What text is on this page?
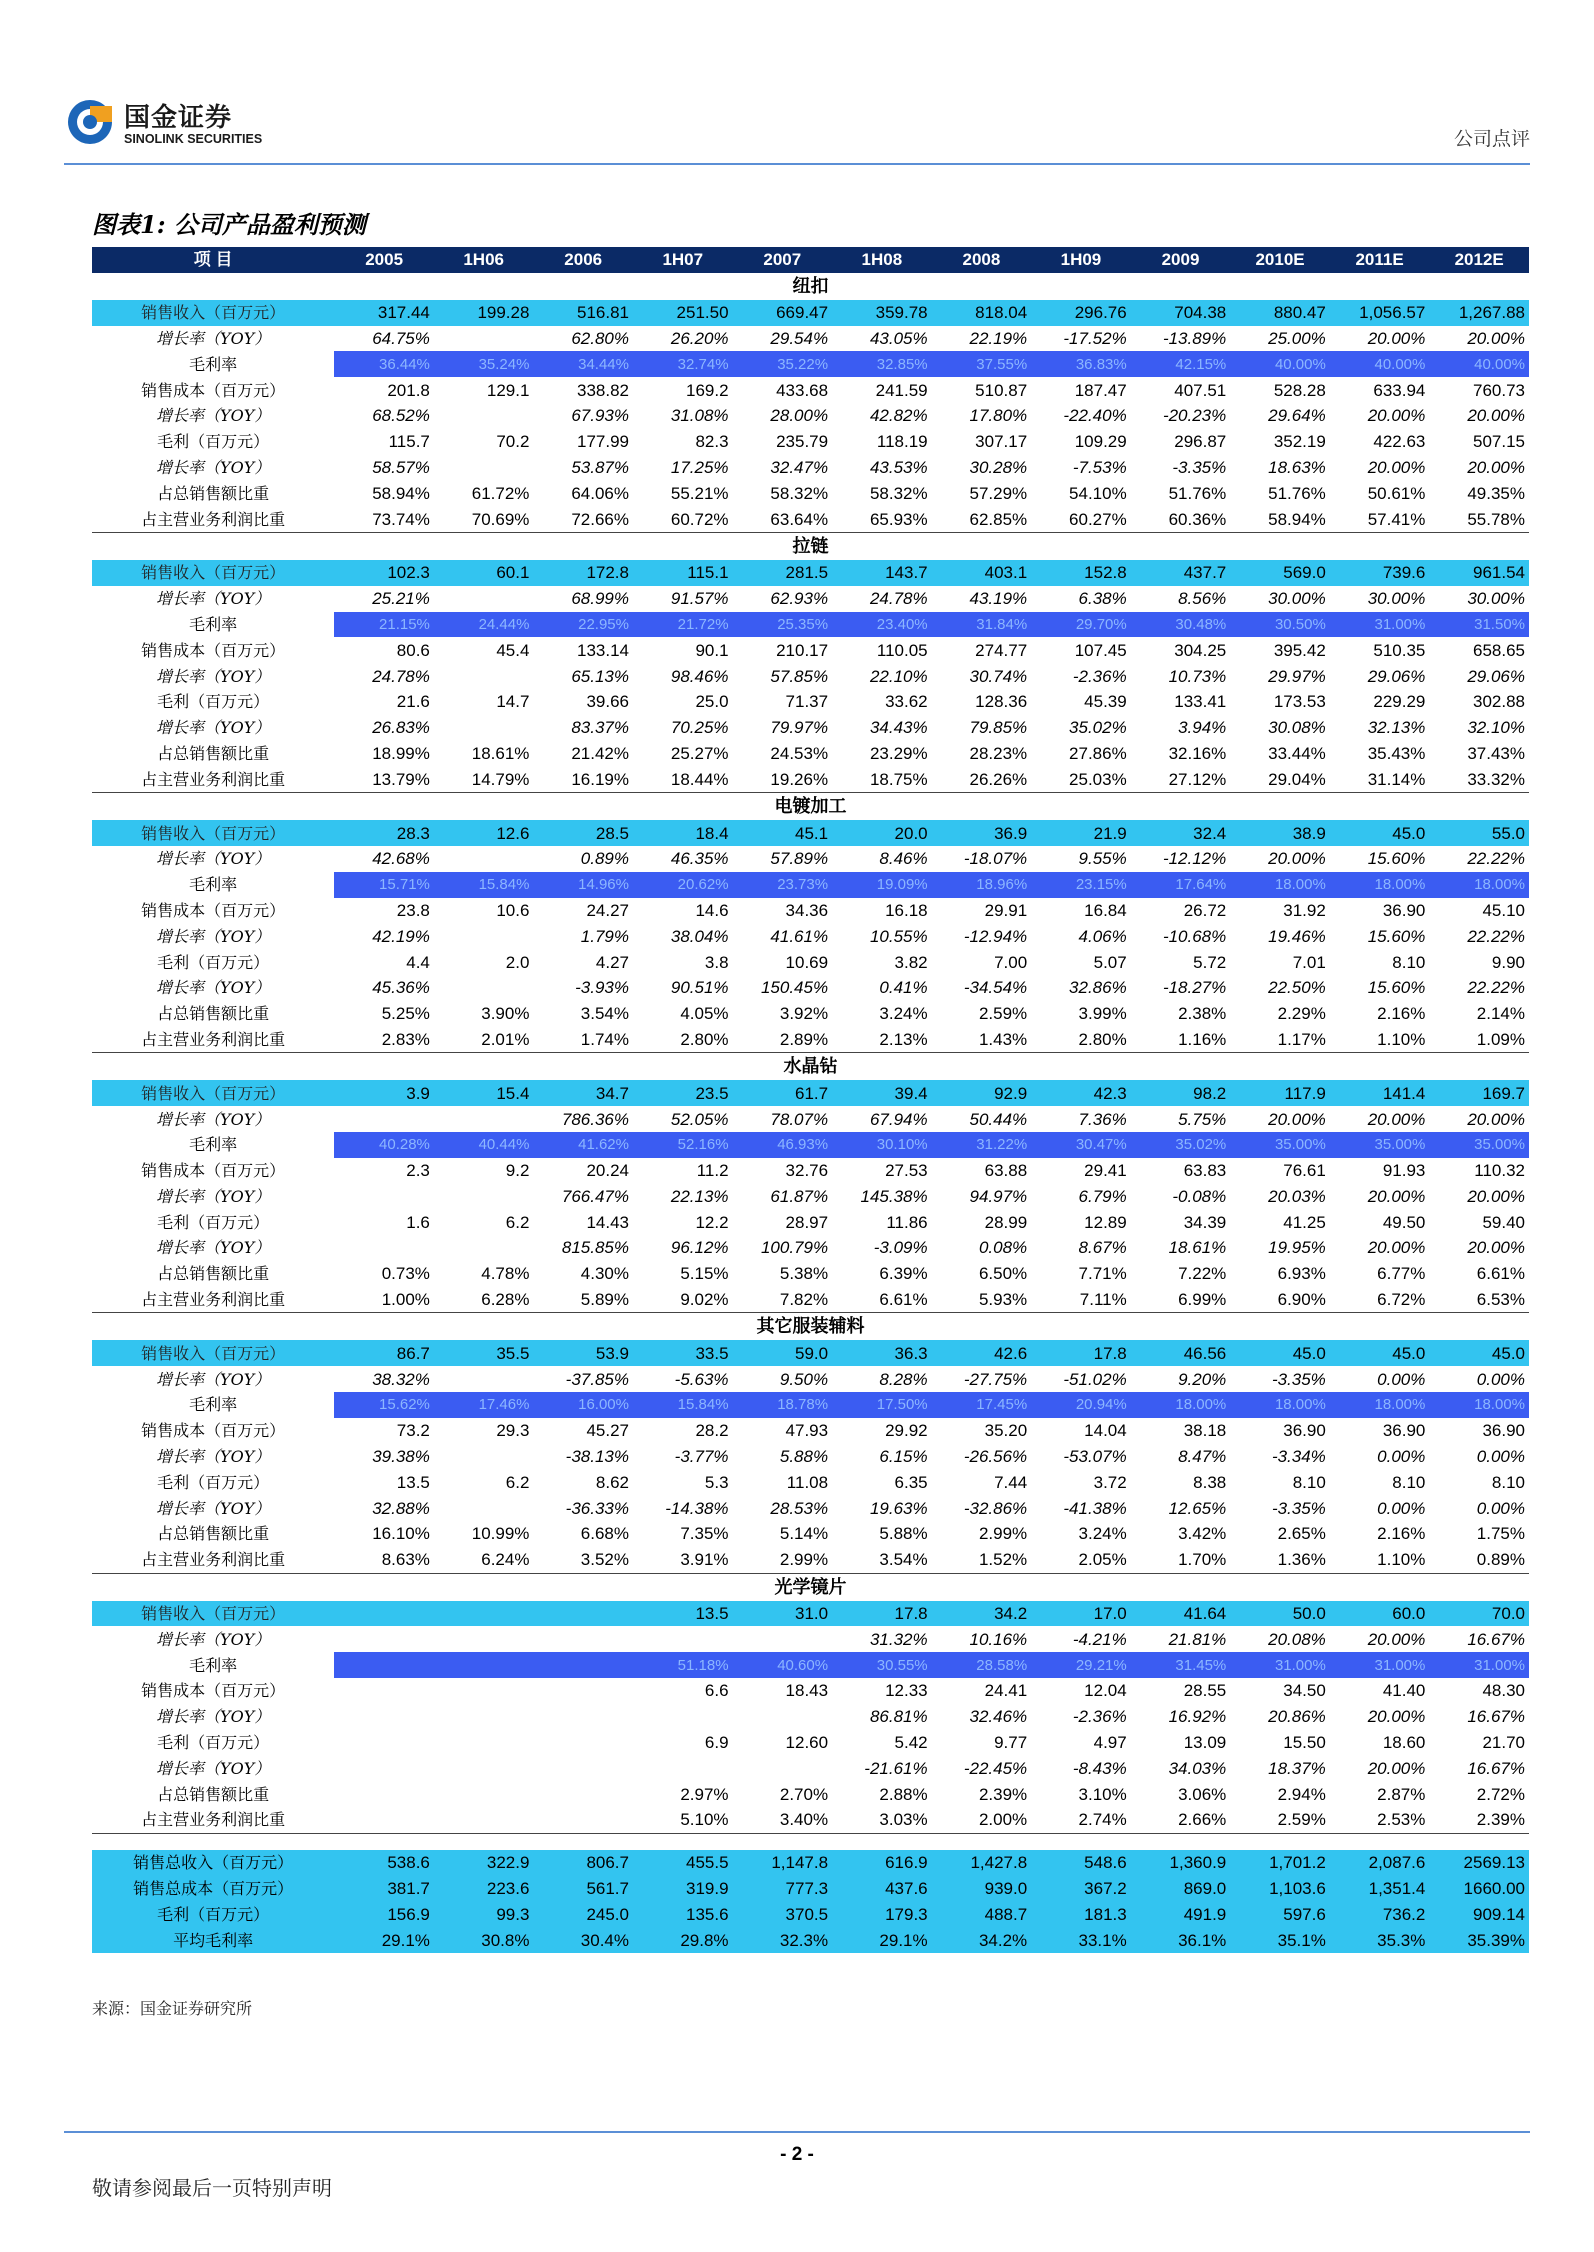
国金证券
SINOLINK SECURITIES	公司点评
图表1: 公司产品盈利预测
项 目	2005	1H06	2006	1H07	2007	1H08	2008	1H09	2009	2010E	2011E	2012E
纽扣												
销售收入（百万元）	317.44	199.28	516.81	251.50	669.47	359.78	818.04	296.76	704.38	880.47	1,056.57	1,267.88
增长率（YOY）	64.75%		62.80%	26.20%	29.54%	43.05%	22.19%	-17.52%	-13.89%	25.00%	20.00%	20.00%
毛利率	36.44%	35.24%	34.44%	32.74%	35.22%	32.85%	37.55%	36.83%	42.15%	40.00%	40.00%	40.00%
销售成本（百万元）	201.8	129.1	338.82	169.2	433.68	241.59	510.87	187.47	407.51	528.28	633.94	760.73
增长率（YOY）	68.52%		67.93%	31.08%	28.00%	42.82%	17.80%	-22.40%	-20.23%	29.64%	20.00%	20.00%
毛利（百万元）	115.7	70.2	177.99	82.3	235.79	118.19	307.17	109.29	296.87	352.19	422.63	507.15
增长率（YOY）	58.57%		53.87%	17.25%	32.47%	43.53%	30.28%	-7.53%	-3.35%	18.63%	20.00%	20.00%
占总销售额比重	58.94%	61.72%	64.06%	55.21%	58.32%	58.32%	57.29%	54.10%	51.76%	51.76%	50.61%	49.35%
占主营业务利润比重	73.74%	70.69%	72.66%	60.72%	63.64%	65.93%	62.85%	60.27%	60.36%	58.94%	57.41%	55.78%
拉链												
销售收入（百万元）	102.3	60.1	172.8	115.1	281.5	143.7	403.1	152.8	437.7	569.0	739.6	961.54
增长率（YOY）	25.21%		68.99%	91.57%	62.93%	24.78%	43.19%	6.38%	8.56%	30.00%	30.00%	30.00%
毛利率	21.15%	24.44%	22.95%	21.72%	25.35%	23.40%	31.84%	29.70%	30.48%	30.50%	31.00%	31.50%
销售成本（百万元）	80.6	45.4	133.14	90.1	210.17	110.05	274.77	107.45	304.25	395.42	510.35	658.65
增长率（YOY）	24.78%		65.13%	98.46%	57.85%	22.10%	30.74%	-2.36%	10.73%	29.97%	29.06%	29.06%
毛利（百万元）	21.6	14.7	39.66	25.0	71.37	33.62	128.36	45.39	133.41	173.53	229.29	302.88
增长率（YOY）	26.83%		83.37%	70.25%	79.97%	34.43%	79.85%	35.02%	3.94%	30.08%	32.13%	32.10%
占总销售额比重	18.99%	18.61%	21.42%	25.27%	24.53%	23.29%	28.23%	27.86%	32.16%	33.44%	35.43%	37.43%
占主营业务利润比重	13.79%	14.79%	16.19%	18.44%	19.26%	18.75%	26.26%	25.03%	27.12%	29.04%	31.14%	33.32%
电镀加工												
销售收入（百万元）	28.3	12.6	28.5	18.4	45.1	20.0	36.9	21.9	32.4	38.9	45.0	55.0
增长率（YOY）	42.68%		0.89%	46.35%	57.89%	8.46%	-18.07%	9.55%	-12.12%	20.00%	15.60%	22.22%
毛利率	15.71%	15.84%	14.96%	20.62%	23.73%	19.09%	18.96%	23.15%	17.64%	18.00%	18.00%	18.00%
销售成本（百万元）	23.8	10.6	24.27	14.6	34.36	16.18	29.91	16.84	26.72	31.92	36.90	45.10
增长率（YOY）	42.19%		1.79%	38.04%	41.61%	10.55%	-12.94%	4.06%	-10.68%	19.46%	15.60%	22.22%
毛利（百万元）	4.4	2.0	4.27	3.8	10.69	3.82	7.00	5.07	5.72	7.01	8.10	9.90
增长率（YOY）	45.36%		-3.93%	90.51%	150.45%	0.41%	-34.54%	32.86%	-18.27%	22.50%	15.60%	22.22%
占总销售额比重	5.25%	3.90%	3.54%	4.05%	3.92%	3.24%	2.59%	3.99%	2.38%	2.29%	2.16%	2.14%
占主营业务利润比重	2.83%	2.01%	1.74%	2.80%	2.89%	2.13%	1.43%	2.80%	1.16%	1.17%	1.10%	1.09%
水晶钻												
销售收入（百万元）	3.9	15.4	34.7	23.5	61.7	39.4	92.9	42.3	98.2	117.9	141.4	169.7
增长率（YOY）			786.36%	52.05%	78.07%	67.94%	50.44%	7.36%	5.75%	20.00%	20.00%	20.00%
毛利率	40.28%	40.44%	41.62%	52.16%	46.93%	30.10%	31.22%	30.47%	35.02%	35.00%	35.00%	35.00%
销售成本（百万元）	2.3	9.2	20.24	11.2	32.76	27.53	63.88	29.41	63.83	76.61	91.93	110.32
增长率（YOY）			766.47%	22.13%	61.87%	145.38%	94.97%	6.79%	-0.08%	20.03%	20.00%	20.00%
毛利（百万元）	1.6	6.2	14.43	12.2	28.97	11.86	28.99	12.89	34.39	41.25	49.50	59.40
增长率（YOY）			815.85%	96.12%	100.79%	-3.09%	0.08%	8.67%	18.61%	19.95%	20.00%	20.00%
占总销售额比重	0.73%	4.78%	4.30%	5.15%	5.38%	6.39%	6.50%	7.71%	7.22%	6.93%	6.77%	6.61%
占主营业务利润比重	1.00%	6.28%	5.89%	9.02%	7.82%	6.61%	5.93%	7.11%	6.99%	6.90%	6.72%	6.53%
其它服装辅料												
销售收入（百万元）	86.7	35.5	53.9	33.5	59.0	36.3	42.6	17.8	46.56	45.0	45.0	45.0
增长率（YOY）	38.32%		-37.85%	-5.63%	9.50%	8.28%	-27.75%	-51.02%	9.20%	-3.35%	0.00%	0.00%
毛利率	15.62%	17.46%	16.00%	15.84%	18.78%	17.50%	17.45%	20.94%	18.00%	18.00%	18.00%	18.00%
销售成本（百万元）	73.2	29.3	45.27	28.2	47.93	29.92	35.20	14.04	38.18	36.90	36.90	36.90
增长率（YOY）	39.38%		-38.13%	-3.77%	5.88%	6.15%	-26.56%	-53.07%	8.47%	-3.34%	0.00%	0.00%
毛利（百万元）	13.5	6.2	8.62	5.3	11.08	6.35	7.44	3.72	8.38	8.10	8.10	8.10
增长率（YOY）	32.88%		-36.33%	-14.38%	28.53%	19.63%	-32.86%	-41.38%	12.65%	-3.35%	0.00%	0.00%
占总销售额比重	16.10%	10.99%	6.68%	7.35%	5.14%	5.88%	2.99%	3.24%	3.42%	2.65%	2.16%	1.75%
占主营业务利润比重	8.63%	6.24%	3.52%	3.91%	2.99%	3.54%	1.52%	2.05%	1.70%	1.36%	1.10%	0.89%
光学镜片												
销售收入（百万元）				13.5	31.0	17.8	34.2	17.0	41.64	50.0	60.0	70.0
增长率（YOY）						31.32%	10.16%	-4.21%	21.81%	20.08%	20.00%	16.67%
毛利率				51.18%	40.60%	30.55%	28.58%	29.21%	31.45%	31.00%	31.00%	31.00%
销售成本（百万元）				6.6	18.43	12.33	24.41	12.04	28.55	34.50	41.40	48.30
增长率（YOY）						86.81%	32.46%	-2.36%	16.92%	20.86%	20.00%	16.67%
毛利（百万元）				6.9	12.60	5.42	9.77	4.97	13.09	15.50	18.60	21.70
增长率（YOY）						-21.61%	-22.45%	-8.43%	34.03%	18.37%	20.00%	16.67%
占总销售额比重				2.97%	2.70%	2.88%	2.39%	3.10%	3.06%	2.94%	2.87%	2.72%
占主营业务利润比重				5.10%	3.40%	3.03%	2.00%	2.74%	2.66%	2.59%	2.53%	2.39%

销售总收入（百万元）	538.6	322.9	806.7	455.5	1,147.8	616.9	1,427.8	548.6	1,360.9	1,701.2	2,087.6	2569.13
销售总成本（百万元）	381.7	223.6	561.7	319.9	777.3	437.6	939.0	367.2	869.0	1,103.6	1,351.4	1660.00
毛利（百万元）	156.9	99.3	245.0	135.6	370.5	179.3	488.7	181.3	491.9	597.6	736.2	909.14
平均毛利率	29.1%	30.8%	30.4%	29.8%	32.3%	29.1%	34.2%	33.1%	36.1%	35.1%	35.3%	35.39%
来源：国金证券研究所
- 2 -
敬请参阅最后一页特别声明
